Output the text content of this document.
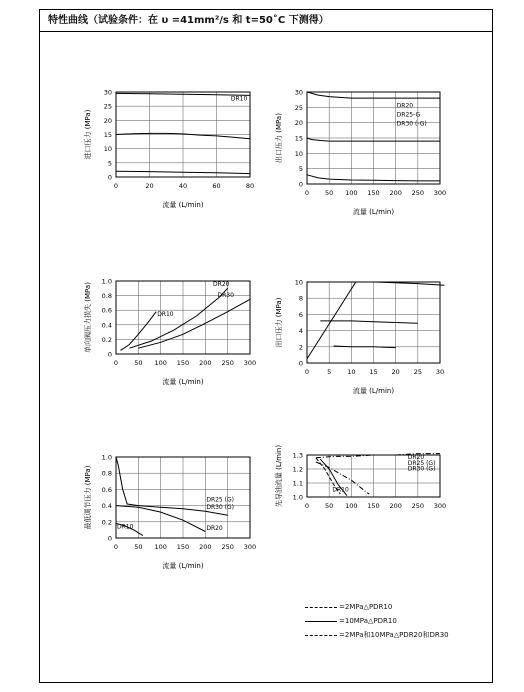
特性曲线（试验条件：在 υ =41mm²/s 和 t=50˚C 下测得）
0	20	40	60	80
0
5
10
15
20
25
30
流量 (L/min)
进口压力 (MPa)
DR10
0 50 100 150 200 250 300
0
5
10
15
20
25
30
流量 (L/min)
出口压力 (MPa)
DR20
DR25-G
DR30 (-G)
0 50 100 150 200 250 300
0
0.2
0.4
0.6
0.8
1.0
流量 (L/min)
单向阀压力损失 (MPa)	DR10
DR20
DR30
0	5 10 15 20 25 30
0
2
4
6
8
10
流量 (L/min)
出口压力 (MPa)
0 50 100 150 200 250 300
0
0.2
0.4
0.6
0.8
1.0
流量 (L/min)
最低调节压力 (MPa)	DR25 (G)
DR30 (G)
DR10	DR20
0 50 100 150 200 250 300
1.0
1.1
1.2
1.3
先导油流量 (L/min)	DR20
DR25 (G)
DR30 (G)
DR10
=2MPa△PDR10
=10MPa△PDR10
=2MPa和10MPa△PDR20和DR30
